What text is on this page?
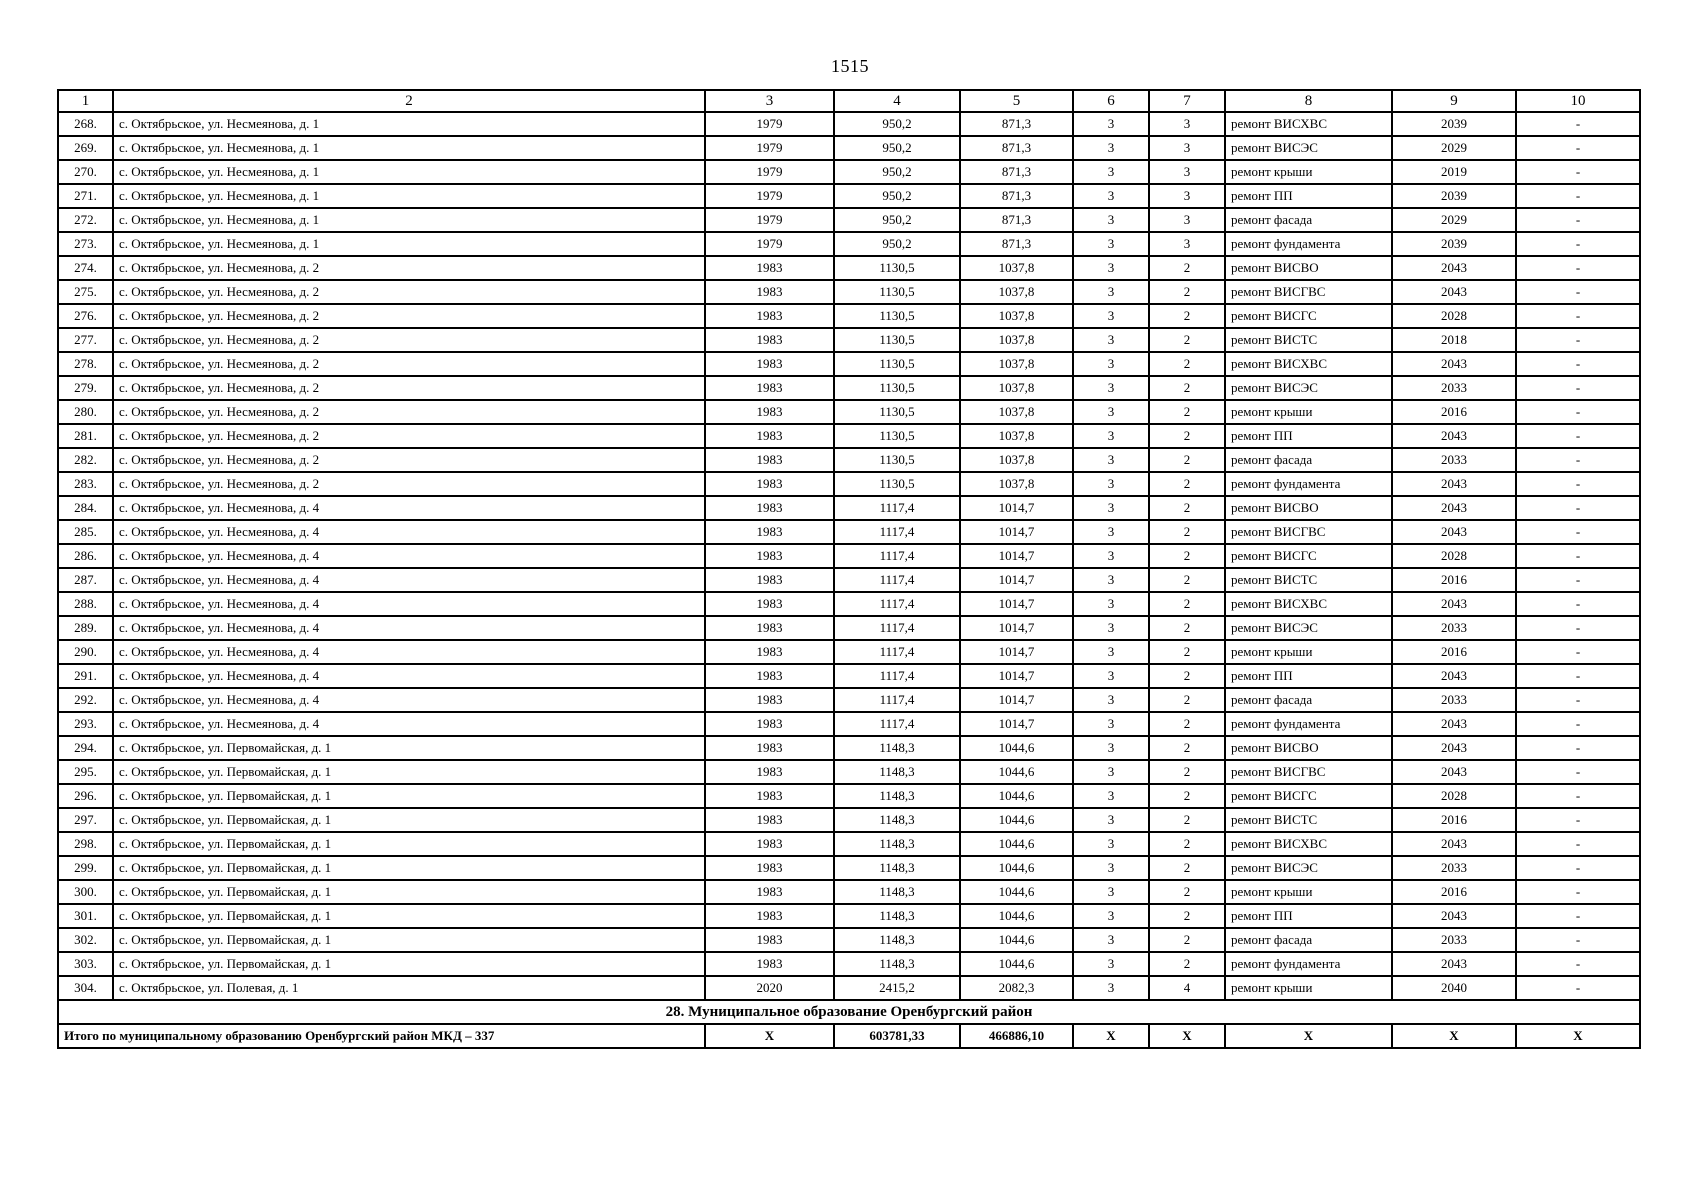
1515
1	2	3	4	5	6	7	8	9	10
268.	с. Октябрьское, ул. Несмеянова, д. 1	1979	950,2	871,3	3	3	ремонт ВИСХВС	2039	-
269.	с. Октябрьское, ул. Несмеянова, д. 1	1979	950,2	871,3	3	3	ремонт ВИСЭС	2029	-
270.	с. Октябрьское, ул. Несмеянова, д. 1	1979	950,2	871,3	3	3	ремонт крыши	2019	-
271.	с. Октябрьское, ул. Несмеянова, д. 1	1979	950,2	871,3	3	3	ремонт ПП	2039	-
272.	с. Октябрьское, ул. Несмеянова, д. 1	1979	950,2	871,3	3	3	ремонт фасада	2029	-
273.	с. Октябрьское, ул. Несмеянова, д. 1	1979	950,2	871,3	3	3	ремонт фундамента	2039	-
274.	с. Октябрьское, ул. Несмеянова, д. 2	1983	1130,5	1037,8	3	2	ремонт ВИСВО	2043	-
275.	с. Октябрьское, ул. Несмеянова, д. 2	1983	1130,5	1037,8	3	2	ремонт ВИСГВС	2043	-
276.	с. Октябрьское, ул. Несмеянова, д. 2	1983	1130,5	1037,8	3	2	ремонт ВИСГС	2028	-
277.	с. Октябрьское, ул. Несмеянова, д. 2	1983	1130,5	1037,8	3	2	ремонт ВИСТС	2018	-
278.	с. Октябрьское, ул. Несмеянова, д. 2	1983	1130,5	1037,8	3	2	ремонт ВИСХВС	2043	-
279.	с. Октябрьское, ул. Несмеянова, д. 2	1983	1130,5	1037,8	3	2	ремонт ВИСЭС	2033	-
280.	с. Октябрьское, ул. Несмеянова, д. 2	1983	1130,5	1037,8	3	2	ремонт крыши	2016	-
281.	с. Октябрьское, ул. Несмеянова, д. 2	1983	1130,5	1037,8	3	2	ремонт ПП	2043	-
282.	с. Октябрьское, ул. Несмеянова, д. 2	1983	1130,5	1037,8	3	2	ремонт фасада	2033	-
283.	с. Октябрьское, ул. Несмеянова, д. 2	1983	1130,5	1037,8	3	2	ремонт фундамента	2043	-
284.	с. Октябрьское, ул. Несмеянова, д. 4	1983	1117,4	1014,7	3	2	ремонт ВИСВО	2043	-
285.	с. Октябрьское, ул. Несмеянова, д. 4	1983	1117,4	1014,7	3	2	ремонт ВИСГВС	2043	-
286.	с. Октябрьское, ул. Несмеянова, д. 4	1983	1117,4	1014,7	3	2	ремонт ВИСГС	2028	-
287.	с. Октябрьское, ул. Несмеянова, д. 4	1983	1117,4	1014,7	3	2	ремонт ВИСТС	2016	-
288.	с. Октябрьское, ул. Несмеянова, д. 4	1983	1117,4	1014,7	3	2	ремонт ВИСХВС	2043	-
289.	с. Октябрьское, ул. Несмеянова, д. 4	1983	1117,4	1014,7	3	2	ремонт ВИСЭС	2033	-
290.	с. Октябрьское, ул. Несмеянова, д. 4	1983	1117,4	1014,7	3	2	ремонт крыши	2016	-
291.	с. Октябрьское, ул. Несмеянова, д. 4	1983	1117,4	1014,7	3	2	ремонт ПП	2043	-
292.	с. Октябрьское, ул. Несмеянова, д. 4	1983	1117,4	1014,7	3	2	ремонт фасада	2033	-
293.	с. Октябрьское, ул. Несмеянова, д. 4	1983	1117,4	1014,7	3	2	ремонт фундамента	2043	-
294.	с. Октябрьское, ул. Первомайская, д. 1	1983	1148,3	1044,6	3	2	ремонт ВИСВО	2043	-
295.	с. Октябрьское, ул. Первомайская, д. 1	1983	1148,3	1044,6	3	2	ремонт ВИСГВС	2043	-
296.	с. Октябрьское, ул. Первомайская, д. 1	1983	1148,3	1044,6	3	2	ремонт ВИСГС	2028	-
297.	с. Октябрьское, ул. Первомайская, д. 1	1983	1148,3	1044,6	3	2	ремонт ВИСТС	2016	-
298.	с. Октябрьское, ул. Первомайская, д. 1	1983	1148,3	1044,6	3	2	ремонт ВИСХВС	2043	-
299.	с. Октябрьское, ул. Первомайская, д. 1	1983	1148,3	1044,6	3	2	ремонт ВИСЭС	2033	-
300.	с. Октябрьское, ул. Первомайская, д. 1	1983	1148,3	1044,6	3	2	ремонт крыши	2016	-
301.	с. Октябрьское, ул. Первомайская, д. 1	1983	1148,3	1044,6	3	2	ремонт ПП	2043	-
302.	с. Октябрьское, ул. Первомайская, д. 1	1983	1148,3	1044,6	3	2	ремонт фасада	2033	-
303.	с. Октябрьское, ул. Первомайская, д. 1	1983	1148,3	1044,6	3	2	ремонт фундамента	2043	-
304.	с. Октябрьское, ул. Полевая, д. 1	2020	2415,2	2082,3	3	4	ремонт крыши	2040	-
28. Муниципальное образование Оренбургский район									
Итого по муниципальному образованию Оренбургский район МКД – 337		Х	603781,33	466886,10	Х	Х	Х	Х	Х
